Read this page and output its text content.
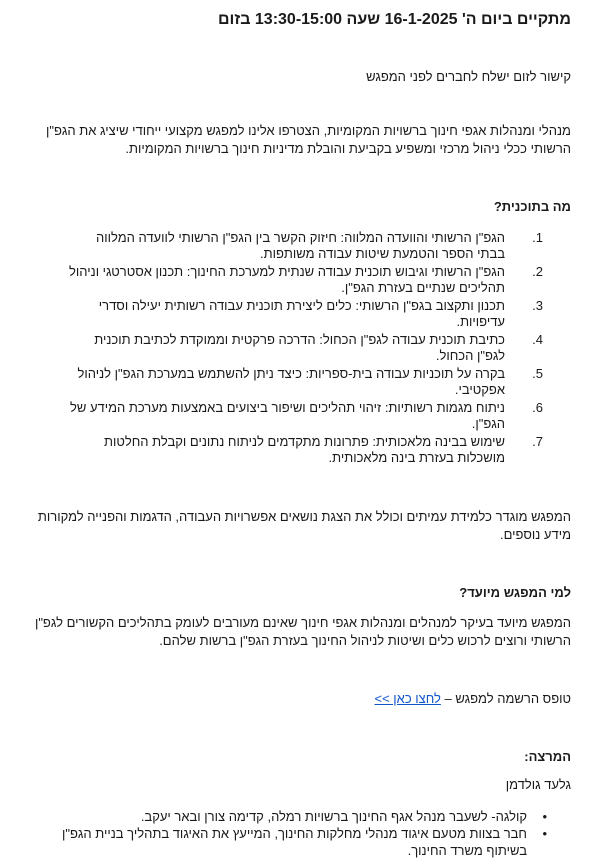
מתקיים ביום ה' 16-1-2025 שעה 13:30-15:00 בזום

קישור לזום ישלח לחברים לפני המפגש

מנהלי ומנהלות אגפי חינוך ברשויות המקומיות, הצטרפו אלינו למפגש מקצועי ייחודי שיציג את הגפ"ן הרשותי ככלי ניהול מרכזי ומשפיע בקביעת והובלת מדיניות חינוך ברשויות המקומיות.

מה בתוכנית?
1.
הגפ"ן הרשותי והוועדה המלווה: חיזוק הקשר בין הגפ"ן הרשותי לוועדה המלווה בבתי הספר והטמעת שיטות עבודה משותפות.
2.
הגפ"ן הרשותי וגיבוש תוכנית עבודה שנתית למערכת החינוך: תכנון אסטרטגי וניהול תהליכים שנתיים בעזרת הגפ"ן.
3.
תכנון ותקצוב בגפ"ן הרשותי: כלים ליצירת תוכנית עבודה רשותית יעילה וסדרי עדיפויות.
4.
כתיבת תוכנית עבודה לגפ"ן הכחול: הדרכה פרקטית וממוקדת לכתיבת תוכנית לגפ"ן הכחול.
5.
בקרה על תוכניות עבודה בית-ספריות: כיצד ניתן להשתמש במערכת הגפ"ן לניהול אפקטיבי.
6.
ניתוח מגמות רשותיות: זיהוי תהליכים ושיפור ביצועים באמצעות מערכת המידע של הגפ"ן.
7.
שימוש בבינה מלאכותית: פתרונות מתקדמים לניתוח נתונים וקבלת החלטות מושכלות בעזרת בינה מלאכותית.

המפגש מוגדר כלמידת עמיתים וכולל את הצגת נושאים אפשרויות העבודה, הדגמות והפנייה למקורות מידע נוספים.

למי המפגש מיועד?

המפגש מיועד בעיקר למנהלים ומנהלות אגפי חינוך שאינם מעורבים לעומק בתהליכים הקשורים לגפ"ן הרשותי ורוצים לרכוש כלים ושיטות לניהול החינוך בעזרת הגפ"ן ברשות שלהם.

טופס הרשמה למפגש – לחצו כאן >>

המרצה:

גלעד גולדמן

•
קולגה- לשעבר מנהל אגף החינוך ברשויות רמלה, קדימה צורן ובאר יעקב.
•
חבר בצוות מטעם איגוד מנהלי מחלקות החינוך, המייעץ את האיגוד בתהליך בניית הגפ"ן בשיתוף משרד החינוך.
